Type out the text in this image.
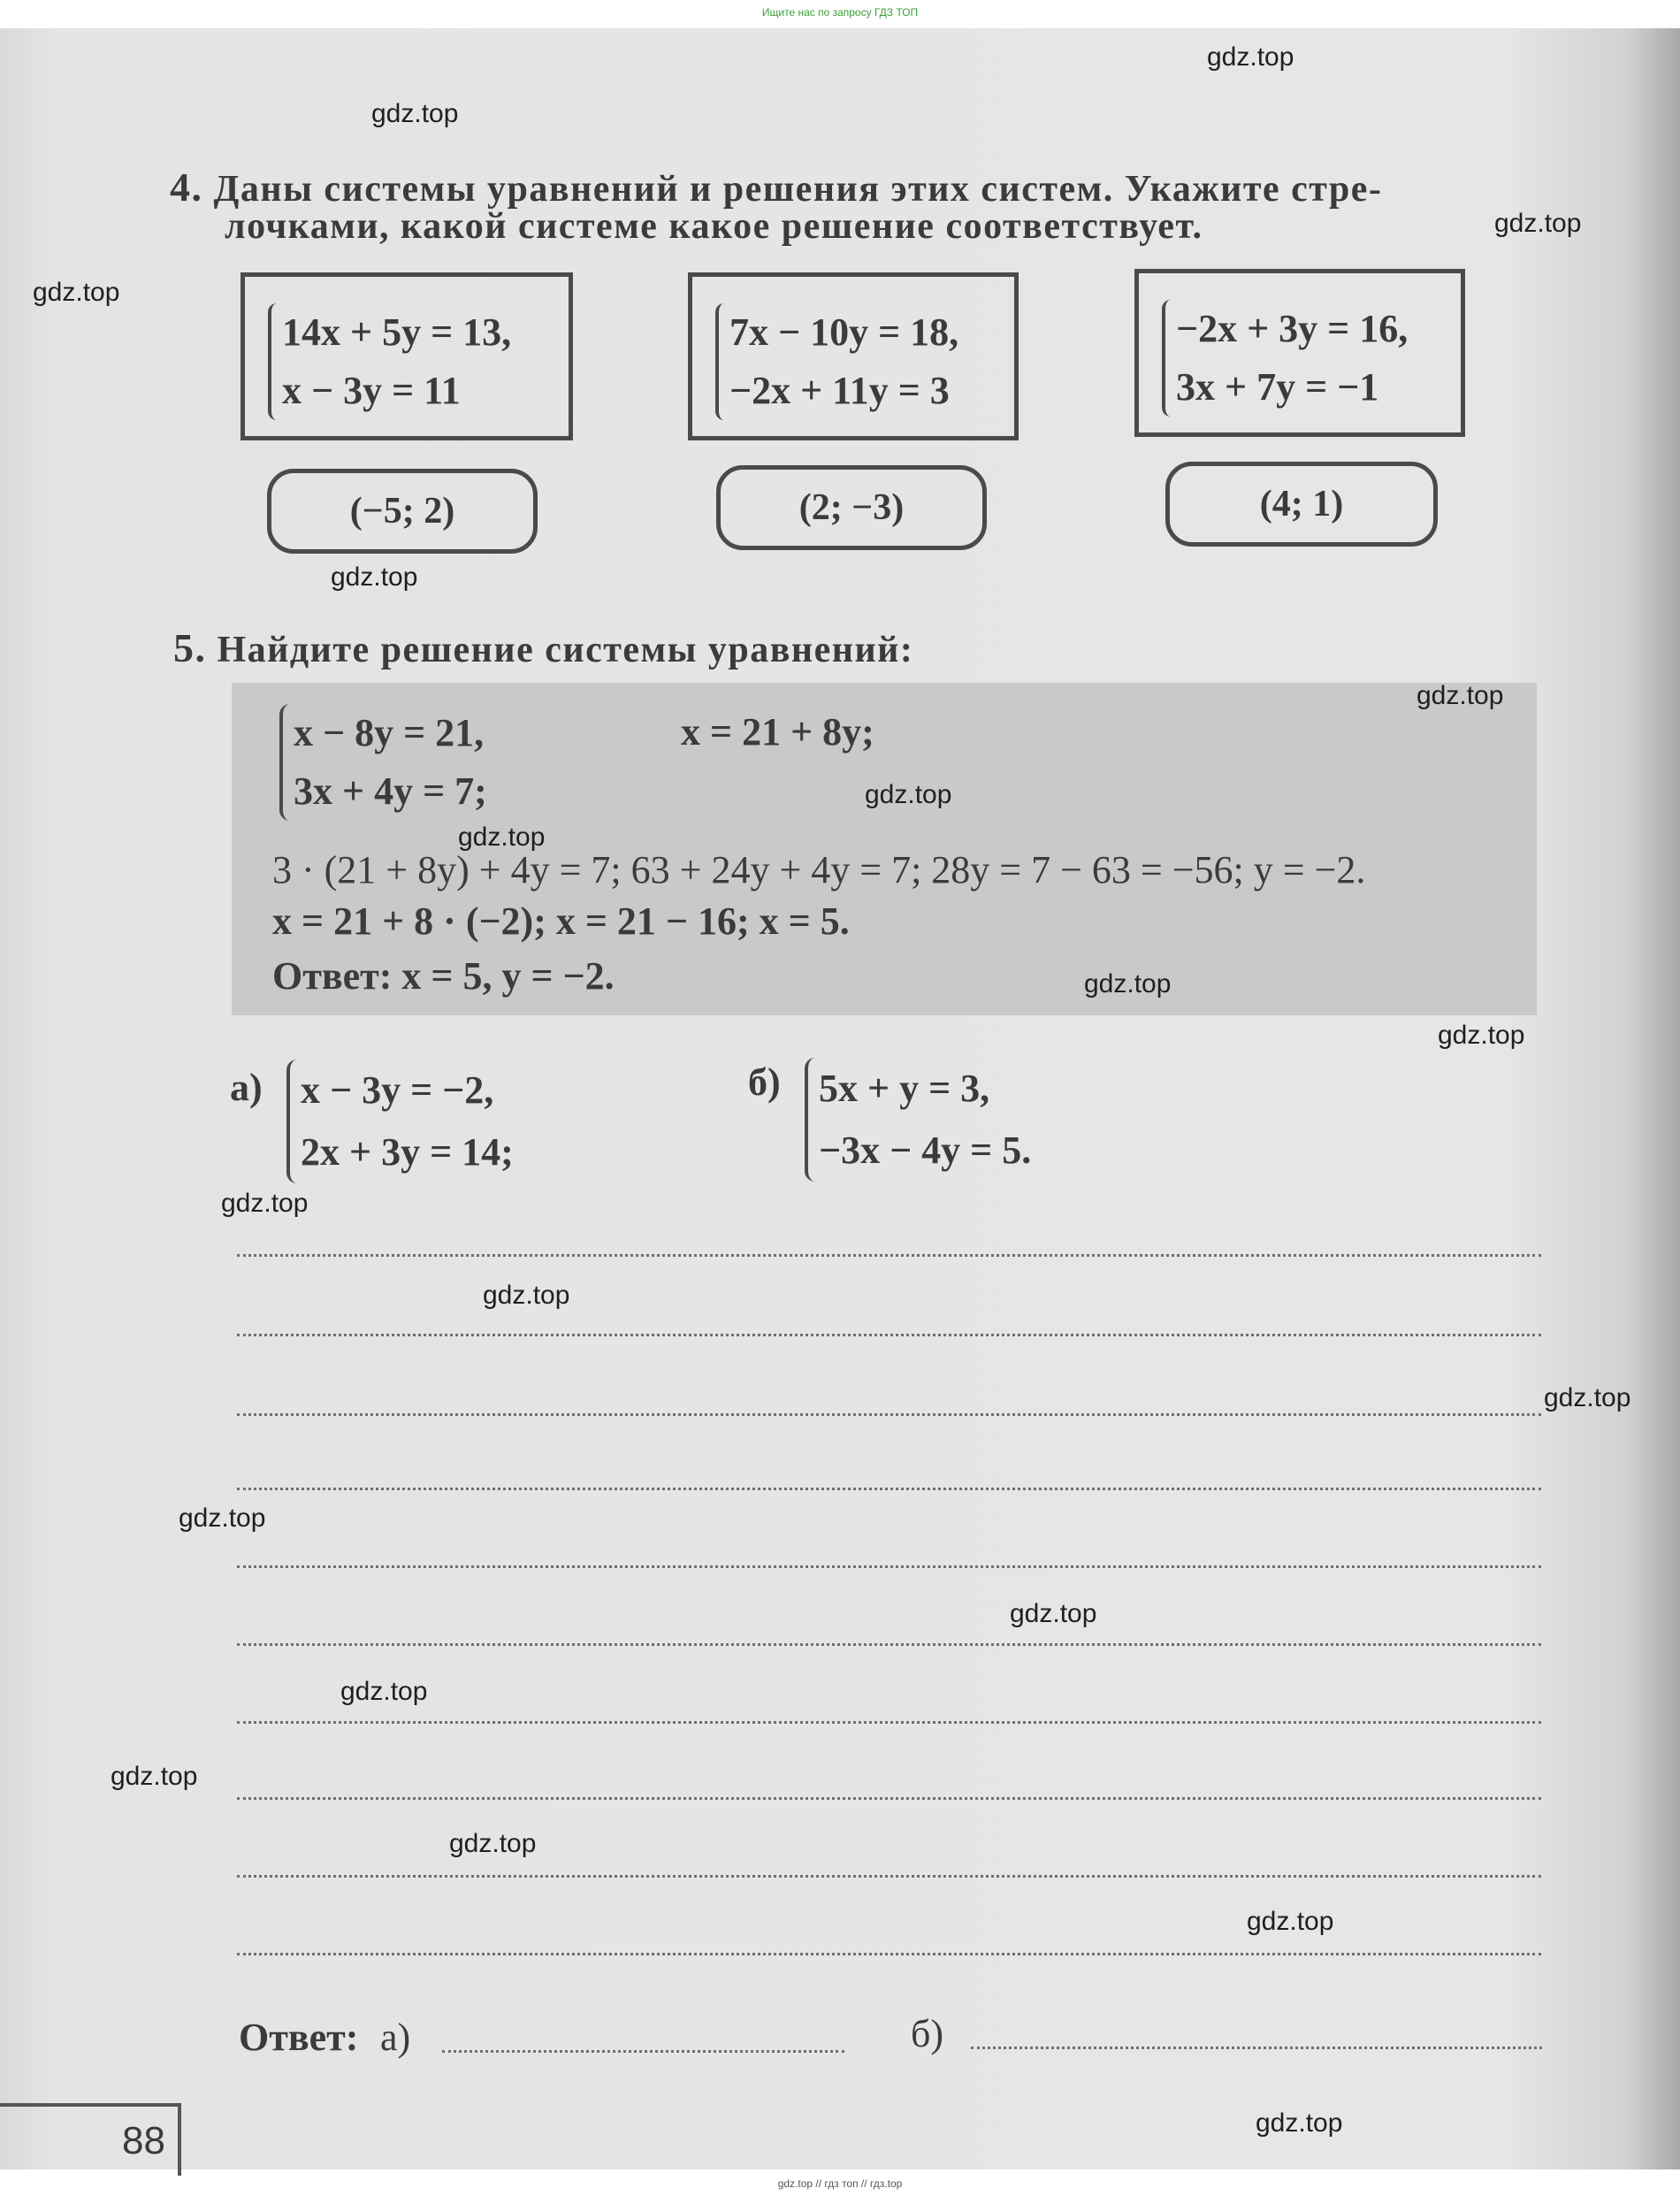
Ищите нас по запросу ГДЗ ТОП
4. Даны системы уравнений и решения этих систем. Укажите стре-
лочками, какой системе какое решение соответствует.
14x + 5y = 13,
x − 3y = 11
7x − 10y = 18,
−2x + 11y = 3
−2x + 3y = 16,
3x + 7y = −1
(−5; 2)	(2; −3)	(4; 1)
5. Найдите решение системы уравнений:
x − 8y = 21,
3x + 4y = 7;
x = 21 + 8y;
3 · (21 + 8y) + 4y = 7; 63 + 24y + 4y = 7; 28y = 7 − 63 = −56; y = −2.
x = 21 + 8 · (−2); x = 21 − 16; x = 5.
Ответ: x = 5, y = −2.
а) x − 3y = −2,
2x + 3y = 14;
б) 5x + y = 3,
−3x − 4y = 5.
Ответ: а)	б)
88
gdz.top
gdz.top
gdz.top
gdz.top
gdz.top
gdz.top
gdz.top
gdz.top
gdz.top
gdz.top
gdz.top
gdz.top
gdz.top
gdz.top
gdz.top
gdz.top
gdz.top
gdz.top
gdz.top
gdz.top
gdz.top // гдз топ // гдз.top
